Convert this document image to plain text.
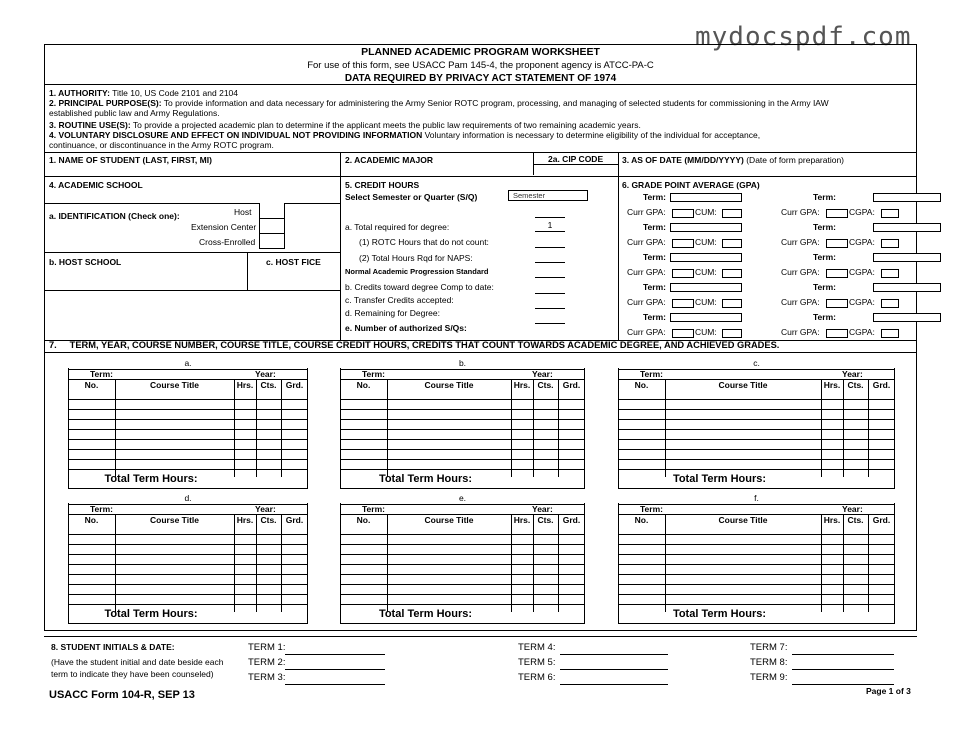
mydocspdf.com
PLANNED ACADEMIC PROGRAM WORKSHEET
For use of this form, see USACC Pam 145-4, the proponent agency is ATCC-PA-C
DATA REQUIRED BY PRIVACY ACT STATEMENT OF 1974
1. AUTHORITY: Title 10, US Code 2101 and 2104
2. PRINCIPAL PURPOSE(S): To provide information and data necessary for administering the Army Senior ROTC program, processing, and managing of selected students for commissioning in the Army IAW
established public law and Army Regulations.
3. ROUTINE USE(S): To provide a projected academic plan to determine if the applicant meets the public law requirements of two remaining academic years.
4. VOLUNTARY DISCLOSURE AND EFFECT ON INDIVIDUAL NOT PROVIDING INFORMATION Voluntary information is necessary to determine eligibility of the individual for acceptance,
continuance, or discontinuance in the Army ROTC program.
1. NAME OF STUDENT (LAST, FIRST, MI)	2. ACADEMIC MAJOR	2a. CIP CODE 3. AS OF DATE (MM/DD/YYYY) (Date of form preparation)
4. ACADEMIC SCHOOL
a. IDENTIFICATION (Check one):	Host
Extension Center
Cross-Enrolled
b. HOST SCHOOL	c. HOST FICE
5. CREDIT HOURS
Select Semester or Quarter (S/Q)	Semester
a. Total required for degree:	1
(1) ROTC Hours that do not count:
(2) Total Hours Rqd for NAPS:
Normal Academic Progression Standard
b. Credits toward degree Comp to date:
c. Transfer Credits accepted:
d. Remaining for Degree:
e. Number of authorized S/Qs:
6. GRADE POINT AVERAGE (GPA)
Term:
Curr GPA:	CUM:
Term:
Curr GPA:	CUM:
Term:
Curr GPA:	CUM:
Term:
Curr GPA:	CUM:
Term:
Curr GPA:	CUM:
Term:
Curr GPA:	CGPA:
Term:
Curr GPA:	CGPA:
Term:
Curr GPA:	CGPA:
Term:
Curr GPA:	CGPA:
Term:
Curr GPA:	CGPA:
7.     TERM, YEAR, COURSE NUMBER, COURSE TITLE, COURSE CREDIT HOURS, CREDITS THAT COUNT TOWARDS ACADEMIC DEGREE, AND ACHIEVED GRADES.
a.
Term:	Year:
No.	Course Title	Hrs. Cts.	Grd.
Total Term Hours:
b.
Term:	Year:
No.	Course Title	Hrs. Cts.	Grd.
Total Term Hours:
c.
Term:	Year:
No.	Course Title	Hrs. Cts.	Grd.
Total Term Hours:
d.
Term:	Year:
No.	Course Title	Hrs. Cts.	Grd.
Total Term Hours:
e.
Term:	Year:
No.	Course Title	Hrs. Cts.	Grd.
Total Term Hours:
f.
Term:	Year:
No.	Course Title	Hrs. Cts.	Grd.
Total Term Hours:
8. STUDENT INITIALS & DATE:
(Have the student initial and date beside each
term to indicate they have been counseled)
TERM 1:
TERM 2:
TERM 3:
TERM 4:
TERM 5:
TERM 6:
TERM 7:
TERM 8:
TERM 9:
USACC Form 104-R, SEP 13	Page 1 of 3
